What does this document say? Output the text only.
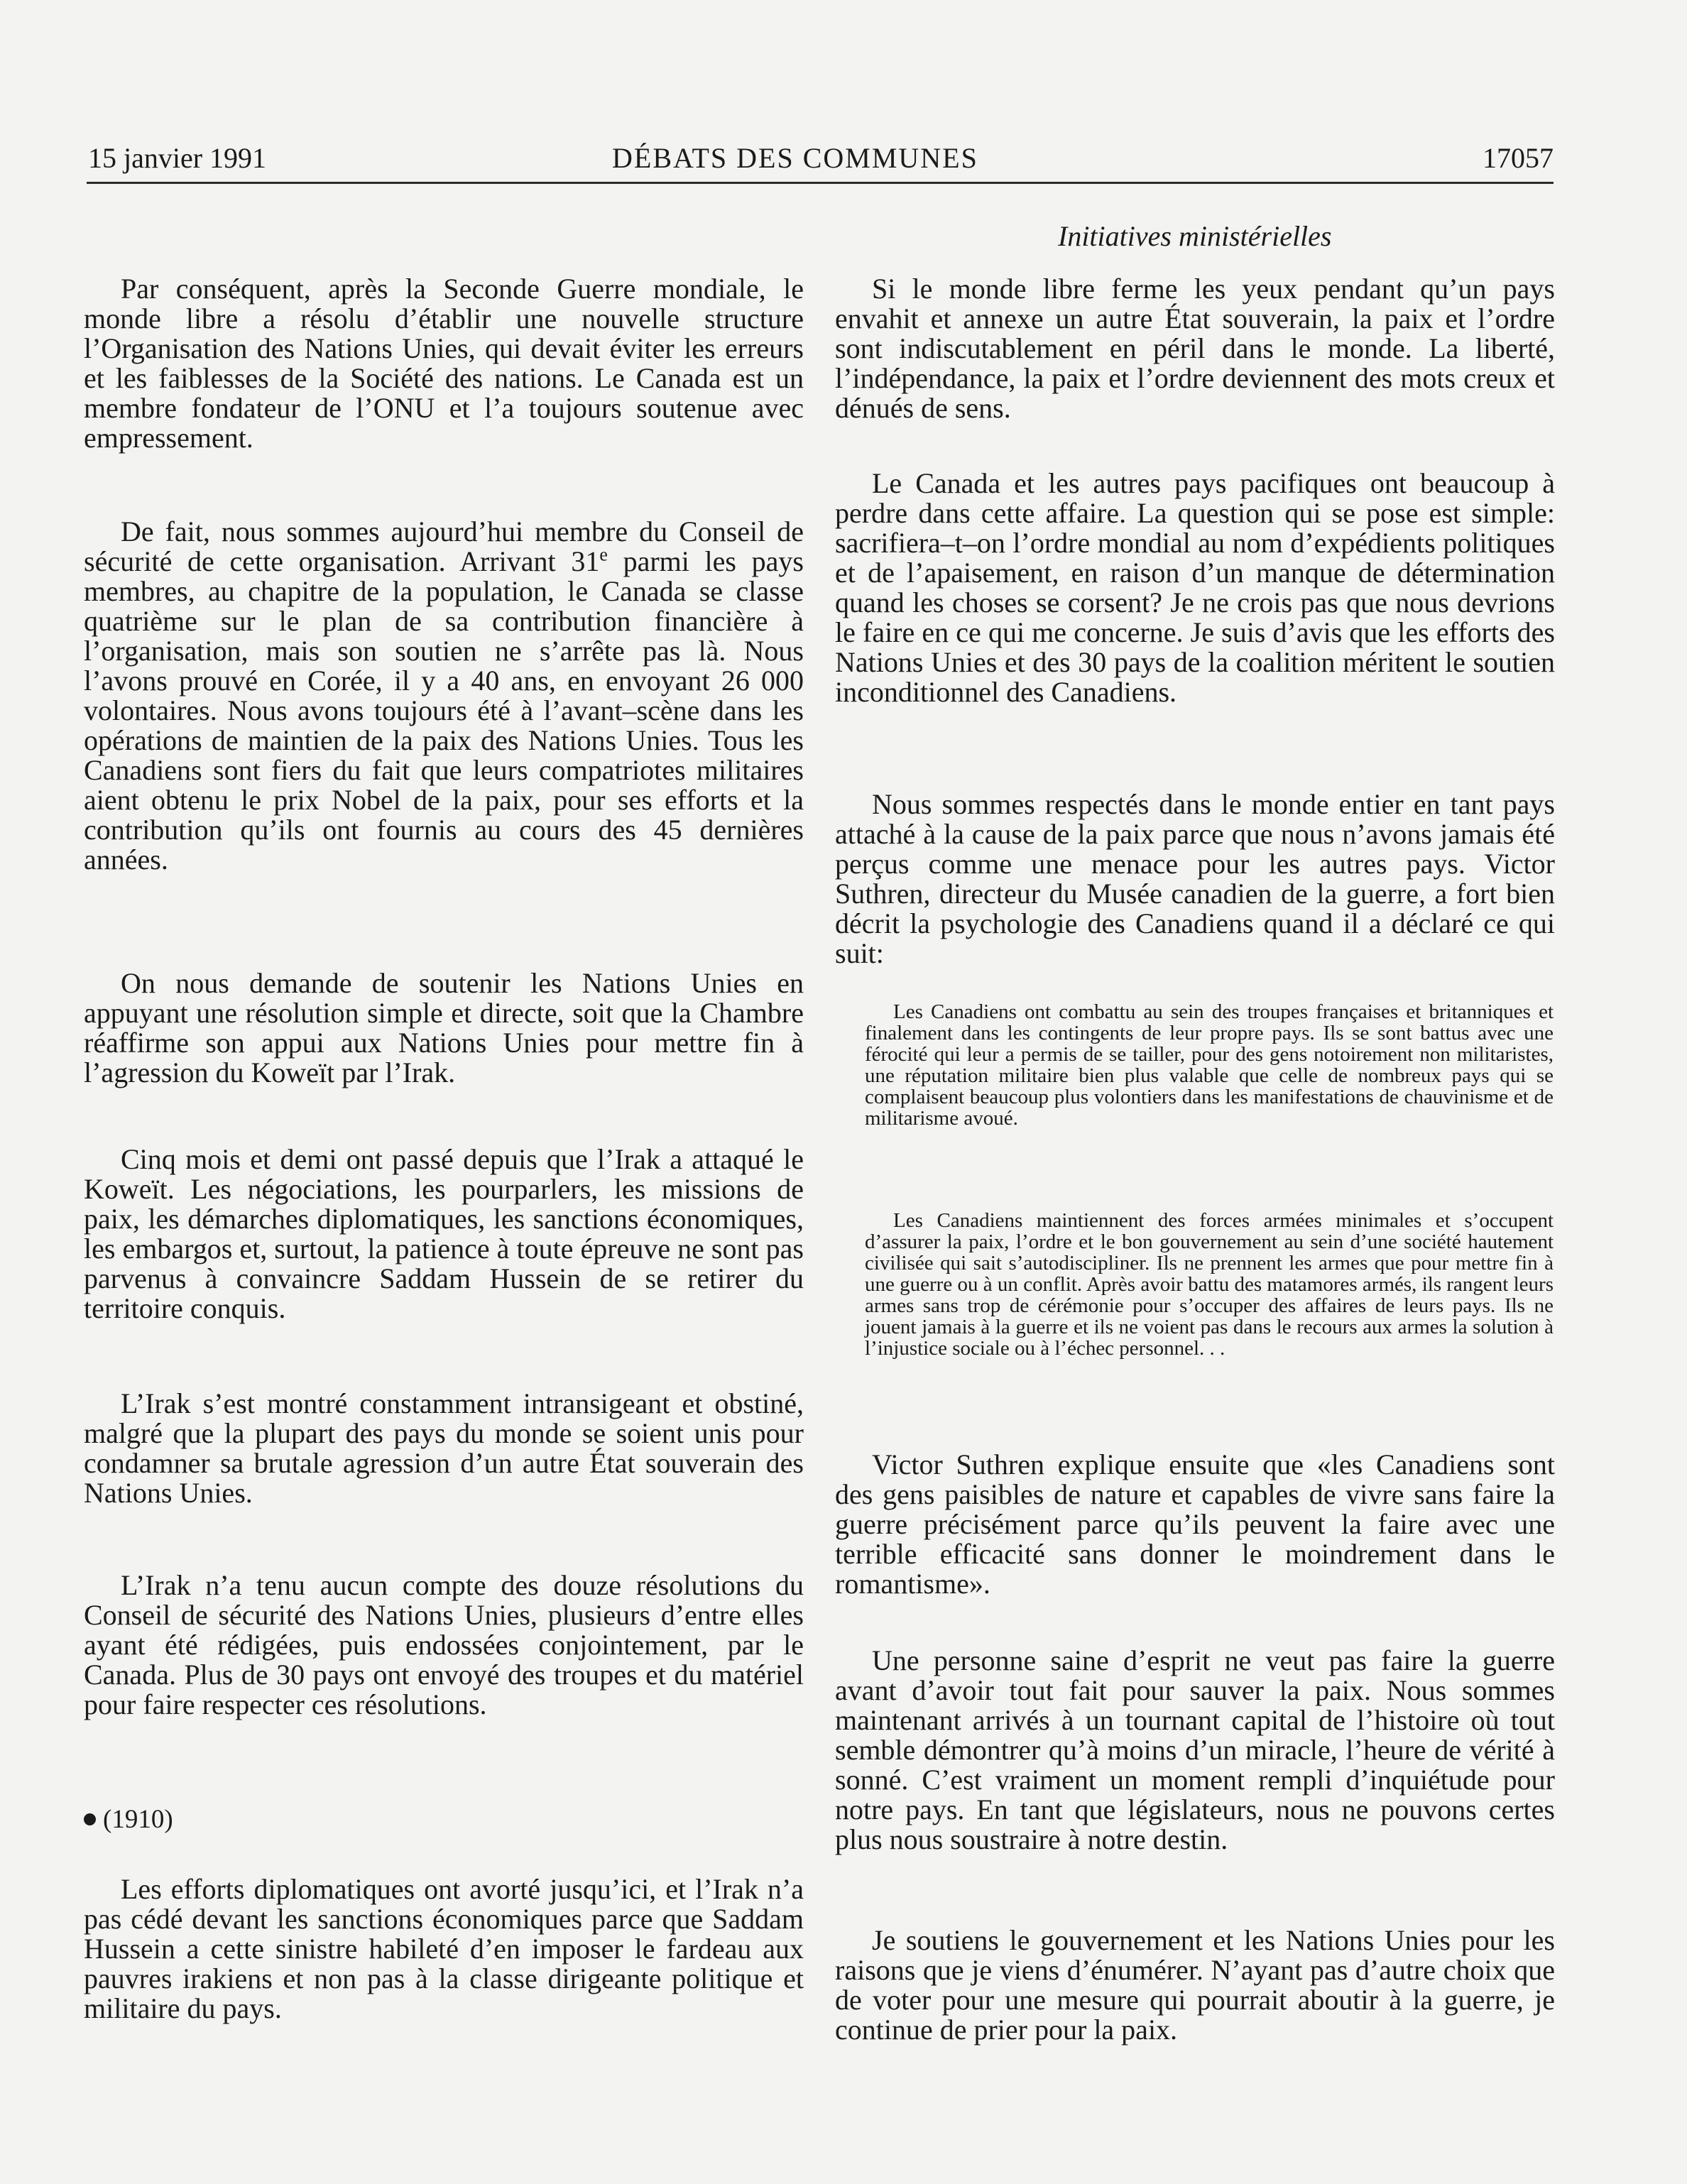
15 janvier 1991	DÉBATS DES COMMUNES	17057
Initiatives ministérielles

Par conséquent, après la Seconde Guerre mondiale, le monde libre a résolu d’établir une nouvelle structure l’Organisation des Nations Unies, qui devait éviter les erreurs et les faiblesses de la Société des nations. Le Canada est un membre fondateur de l’ONU et l’a toujours soutenue avec empressement.

De fait, nous sommes aujourd’hui membre du Conseil de sécurité de cette organisation. Arrivant 31e parmi les pays membres, au chapitre de la population, le Canada se classe quatrième sur le plan de sa contribution financière à l’organisation, mais son soutien ne s’arrête pas là. Nous l’avons prouvé en Corée, il y a 40 ans, en envoyant 26 000 volontaires. Nous avons toujours été à l’avant–scène dans les opérations de maintien de la paix des Nations Unies. Tous les Canadiens sont fiers du fait que leurs compatriotes militaires aient obtenu le prix Nobel de la paix, pour ses efforts et la contribution qu’ils ont fournis au cours des 45 dernières années.

On nous demande de soutenir les Nations Unies en appuyant une résolution simple et directe, soit que la Chambre réaffirme son appui aux Nations Unies pour mettre fin à l’agression du Koweït par l’Irak.

Cinq mois et demi ont passé depuis que l’Irak a attaqué le Koweït. Les négociations, les pourparlers, les missions de paix, les démarches diplomatiques, les sanctions économiques, les embargos et, surtout, la patience à toute épreuve ne sont pas parvenus à convaincre Saddam Hussein de se retirer du territoire conquis.

L’Irak s’est montré constamment intransigeant et obstiné, malgré que la plupart des pays du monde se soient unis pour condamner sa brutale agression d’un autre État souverain des Nations Unies.

L’Irak n’a tenu aucun compte des douze résolutions du Conseil de sécurité des Nations Unies, plusieurs d’entre elles ayant été rédigées, puis endossées conjointement, par le Canada. Plus de 30 pays ont envoyé des troupes et du matériel pour faire respecter ces résolutions.

(1910)

Les efforts diplomatiques ont avorté jusqu’ici, et l’Irak n’a pas cédé devant les sanctions économiques parce que Saddam Hussein a cette sinistre habileté d’en imposer le fardeau aux pauvres irakiens et non pas à la classe dirigeante politique et militaire du pays.

Si le monde libre ferme les yeux pendant qu’un pays envahit et annexe un autre État souverain, la paix et l’ordre sont indiscutablement en péril dans le monde. La liberté, l’indépendance, la paix et l’ordre deviennent des mots creux et dénués de sens.

Le Canada et les autres pays pacifiques ont beaucoup à perdre dans cette affaire. La question qui se pose est simple: sacrifiera–t–on l’ordre mondial au nom d’expédients politiques et de l’apaisement, en raison d’un manque de détermination quand les choses se corsent? Je ne crois pas que nous devrions le faire en ce qui me concerne. Je suis d’avis que les efforts des Nations Unies et des 30 pays de la coalition méritent le soutien inconditionnel des Canadiens.

Nous sommes respectés dans le monde entier en tant pays attaché à la cause de la paix parce que nous n’avons jamais été perçus comme une menace pour les autres pays. Victor Suthren, directeur du Musée canadien de la guerre, a fort bien décrit la psychologie des Canadiens quand il a déclaré ce qui suit:

Les Canadiens ont combattu au sein des troupes françaises et britanniques et finalement dans les contingents de leur propre pays. Ils se sont battus avec une férocité qui leur a permis de se tailler, pour des gens notoirement non militaristes, une réputation militaire bien plus valable que celle de nombreux pays qui se complaisent beaucoup plus volontiers dans les manifestations de chauvinisme et de militarisme avoué.

Les Canadiens maintiennent des forces armées minimales et s’occupent d’assurer la paix, l’ordre et le bon gouvernement au sein d’une société hautement civilisée qui sait s’autodiscipliner. Ils ne prennent les armes que pour mettre fin à une guerre ou à un conflit. Après avoir battu des matamores armés, ils rangent leurs armes sans trop de cérémonie pour s’occuper des affaires de leurs pays. Ils ne jouent jamais à la guerre et ils ne voient pas dans le recours aux armes la solution à l’injustice sociale ou à l’échec personnel. . .

Victor Suthren explique ensuite que «les Canadiens sont des gens paisibles de nature et capables de vivre sans faire la guerre précisément parce qu’ils peuvent la faire avec une terrible efficacité sans donner le moindrement dans le romantisme».

Une personne saine d’esprit ne veut pas faire la guerre avant d’avoir tout fait pour sauver la paix. Nous sommes maintenant arrivés à un tournant capital de l’histoire où tout semble démontrer qu’à moins d’un miracle, l’heure de vérité à sonné. C’est vraiment un moment rempli d’inquiétude pour notre pays. En tant que législateurs, nous ne pouvons certes plus nous soustraire à notre destin.

Je soutiens le gouvernement et les Nations Unies pour les raisons que je viens d’énumérer. N’ayant pas d’autre choix que de voter pour une mesure qui pourrait aboutir à la guerre, je continue de prier pour la paix.
